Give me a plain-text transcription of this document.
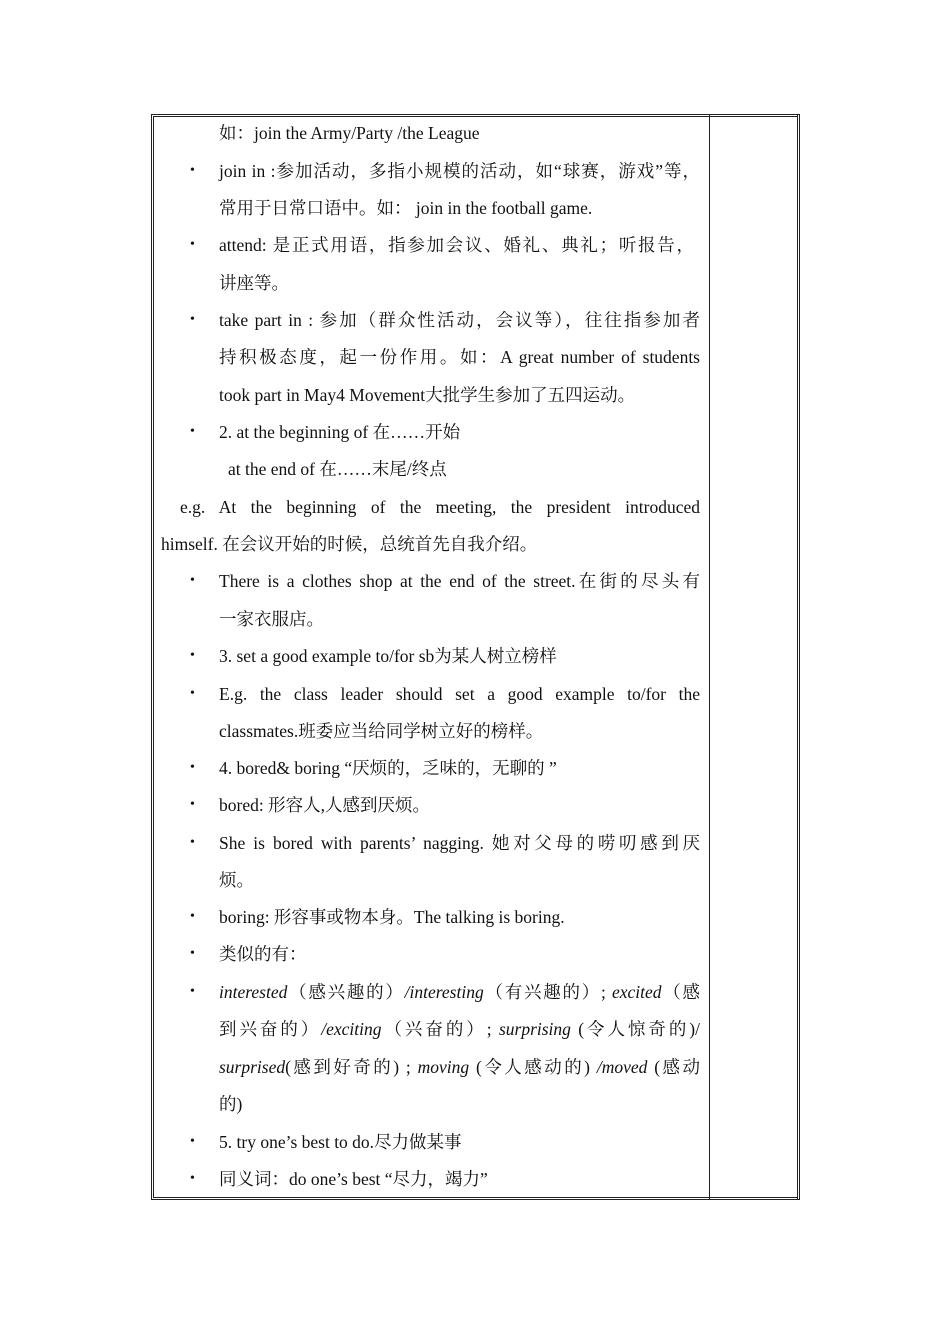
•
•
•
•
•
•
•
•
•
•
•
•
•
•
•
如：join the Army/Party /the League
join in :参加活动，多指小规模的活动，如“球赛，游戏”等，
常用于日常口语中。如： join in the football game.
attend: 是正式用语，指参加会议、婚礼、典礼；听报告，
讲座等。
take part in : 参加（群众性活动，会议等），往往指参加者
持积极态度，起一份作用。如：A great number of students
took part in May4 Movement大批学生参加了五四运动。
2. at the beginning of 在……开始
at the end of 在……末尾/终点
e.g. At the beginning of the meeting, the president introduced
himself. 在会议开始的时候，总统首先自我介绍。
There is a clothes shop at the end of the street.在街的尽头有
一家衣服店。
3. set a good example to/for sb为某人树立榜样
E.g. the class leader should set a good example to/for the
classmates.班委应当给同学树立好的榜样。
4. bored& boring “厌烦的，乏味的，无聊的 ”
bored: 形容人,人感到厌烦。
She is bored with parents’ nagging. 她对父母的唠叨感到厌
烦。
boring: 形容事或物本身。The talking is boring.
类似的有：
interested（感兴趣的）/interesting（有兴趣的）; excited（感
到兴奋的）/exciting（兴奋的）; surprising (令人惊奇的)/
surprised(感到好奇的) ; moving (令人感动的) /moved (感动
的)
5. try one’s best to do.尽力做某事
同义词：do one’s best “尽力，竭力”
